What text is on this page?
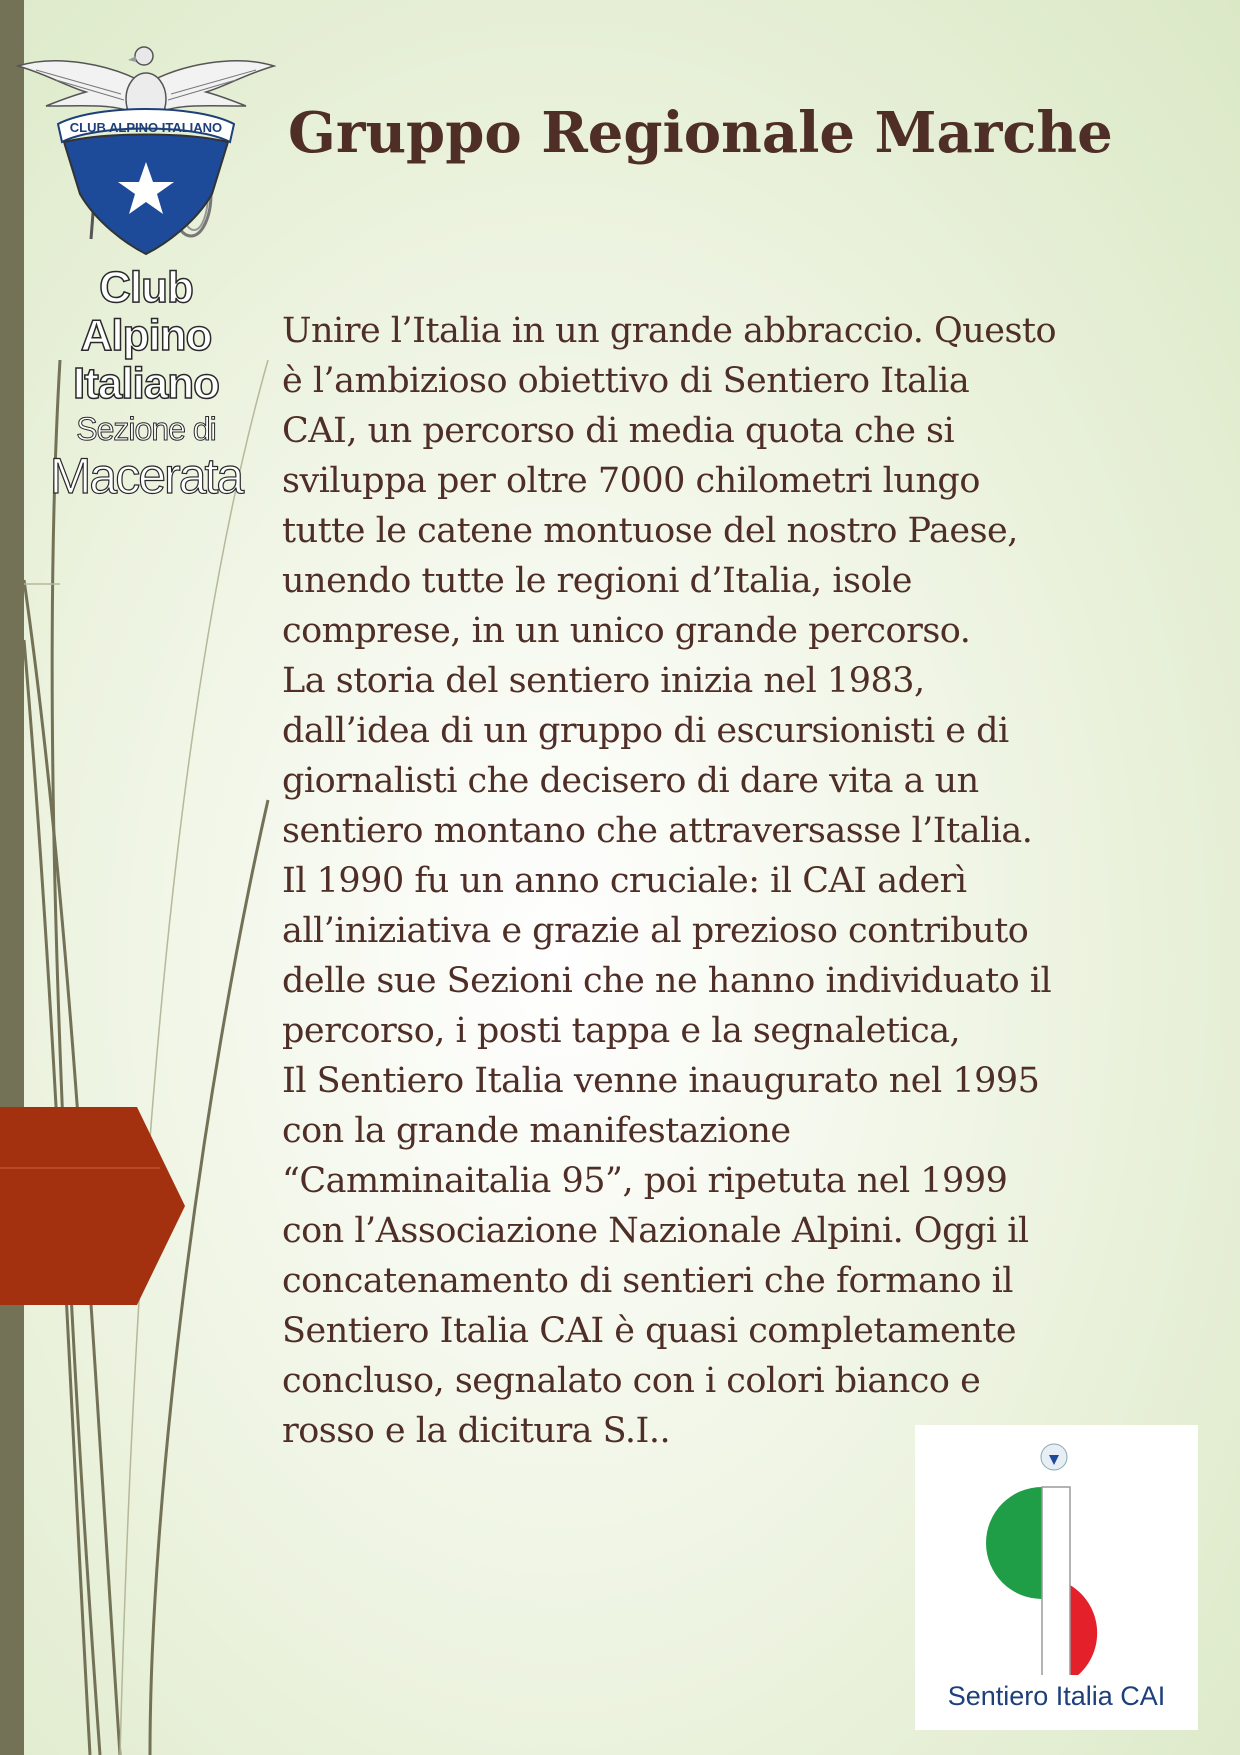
CLUB ALPINO ITALIANO
Club
Alpino
Italiano
Sezione di
Macerata
Gruppo Regionale Marche

Unire l’Italia in un grande abbraccio. Questo
è l’ambizioso obiettivo di Sentiero Italia
CAI, un percorso di media quota che si
sviluppa per oltre 7000 chilometri lungo
tutte le catene montuose del nostro Paese,
unendo tutte le regioni d’Italia, isole
comprese, in un unico grande percorso.
La storia del sentiero inizia nel 1983,
dall’idea di un gruppo di escursionisti e di
giornalisti che decisero di dare vita a un
sentiero montano che attraversasse l’Italia.
Il 1990 fu un anno cruciale: il CAI aderì
all’iniziativa e grazie al prezioso contributo
delle sue Sezioni che ne hanno individuato il
percorso, i posti tappa e la segnaletica,
Il Sentiero Italia venne inaugurato nel 1995
con la grande manifestazione
“Camminaitalia 95”, poi ripetuta nel 1999
con l’Associazione Nazionale Alpini. Oggi il
concatenamento di sentieri che formano il
Sentiero Italia CAI è quasi completamente
concluso, segnalato con i colori bianco e
rosso e la dicitura S.I..

Sentiero Italia CAI
